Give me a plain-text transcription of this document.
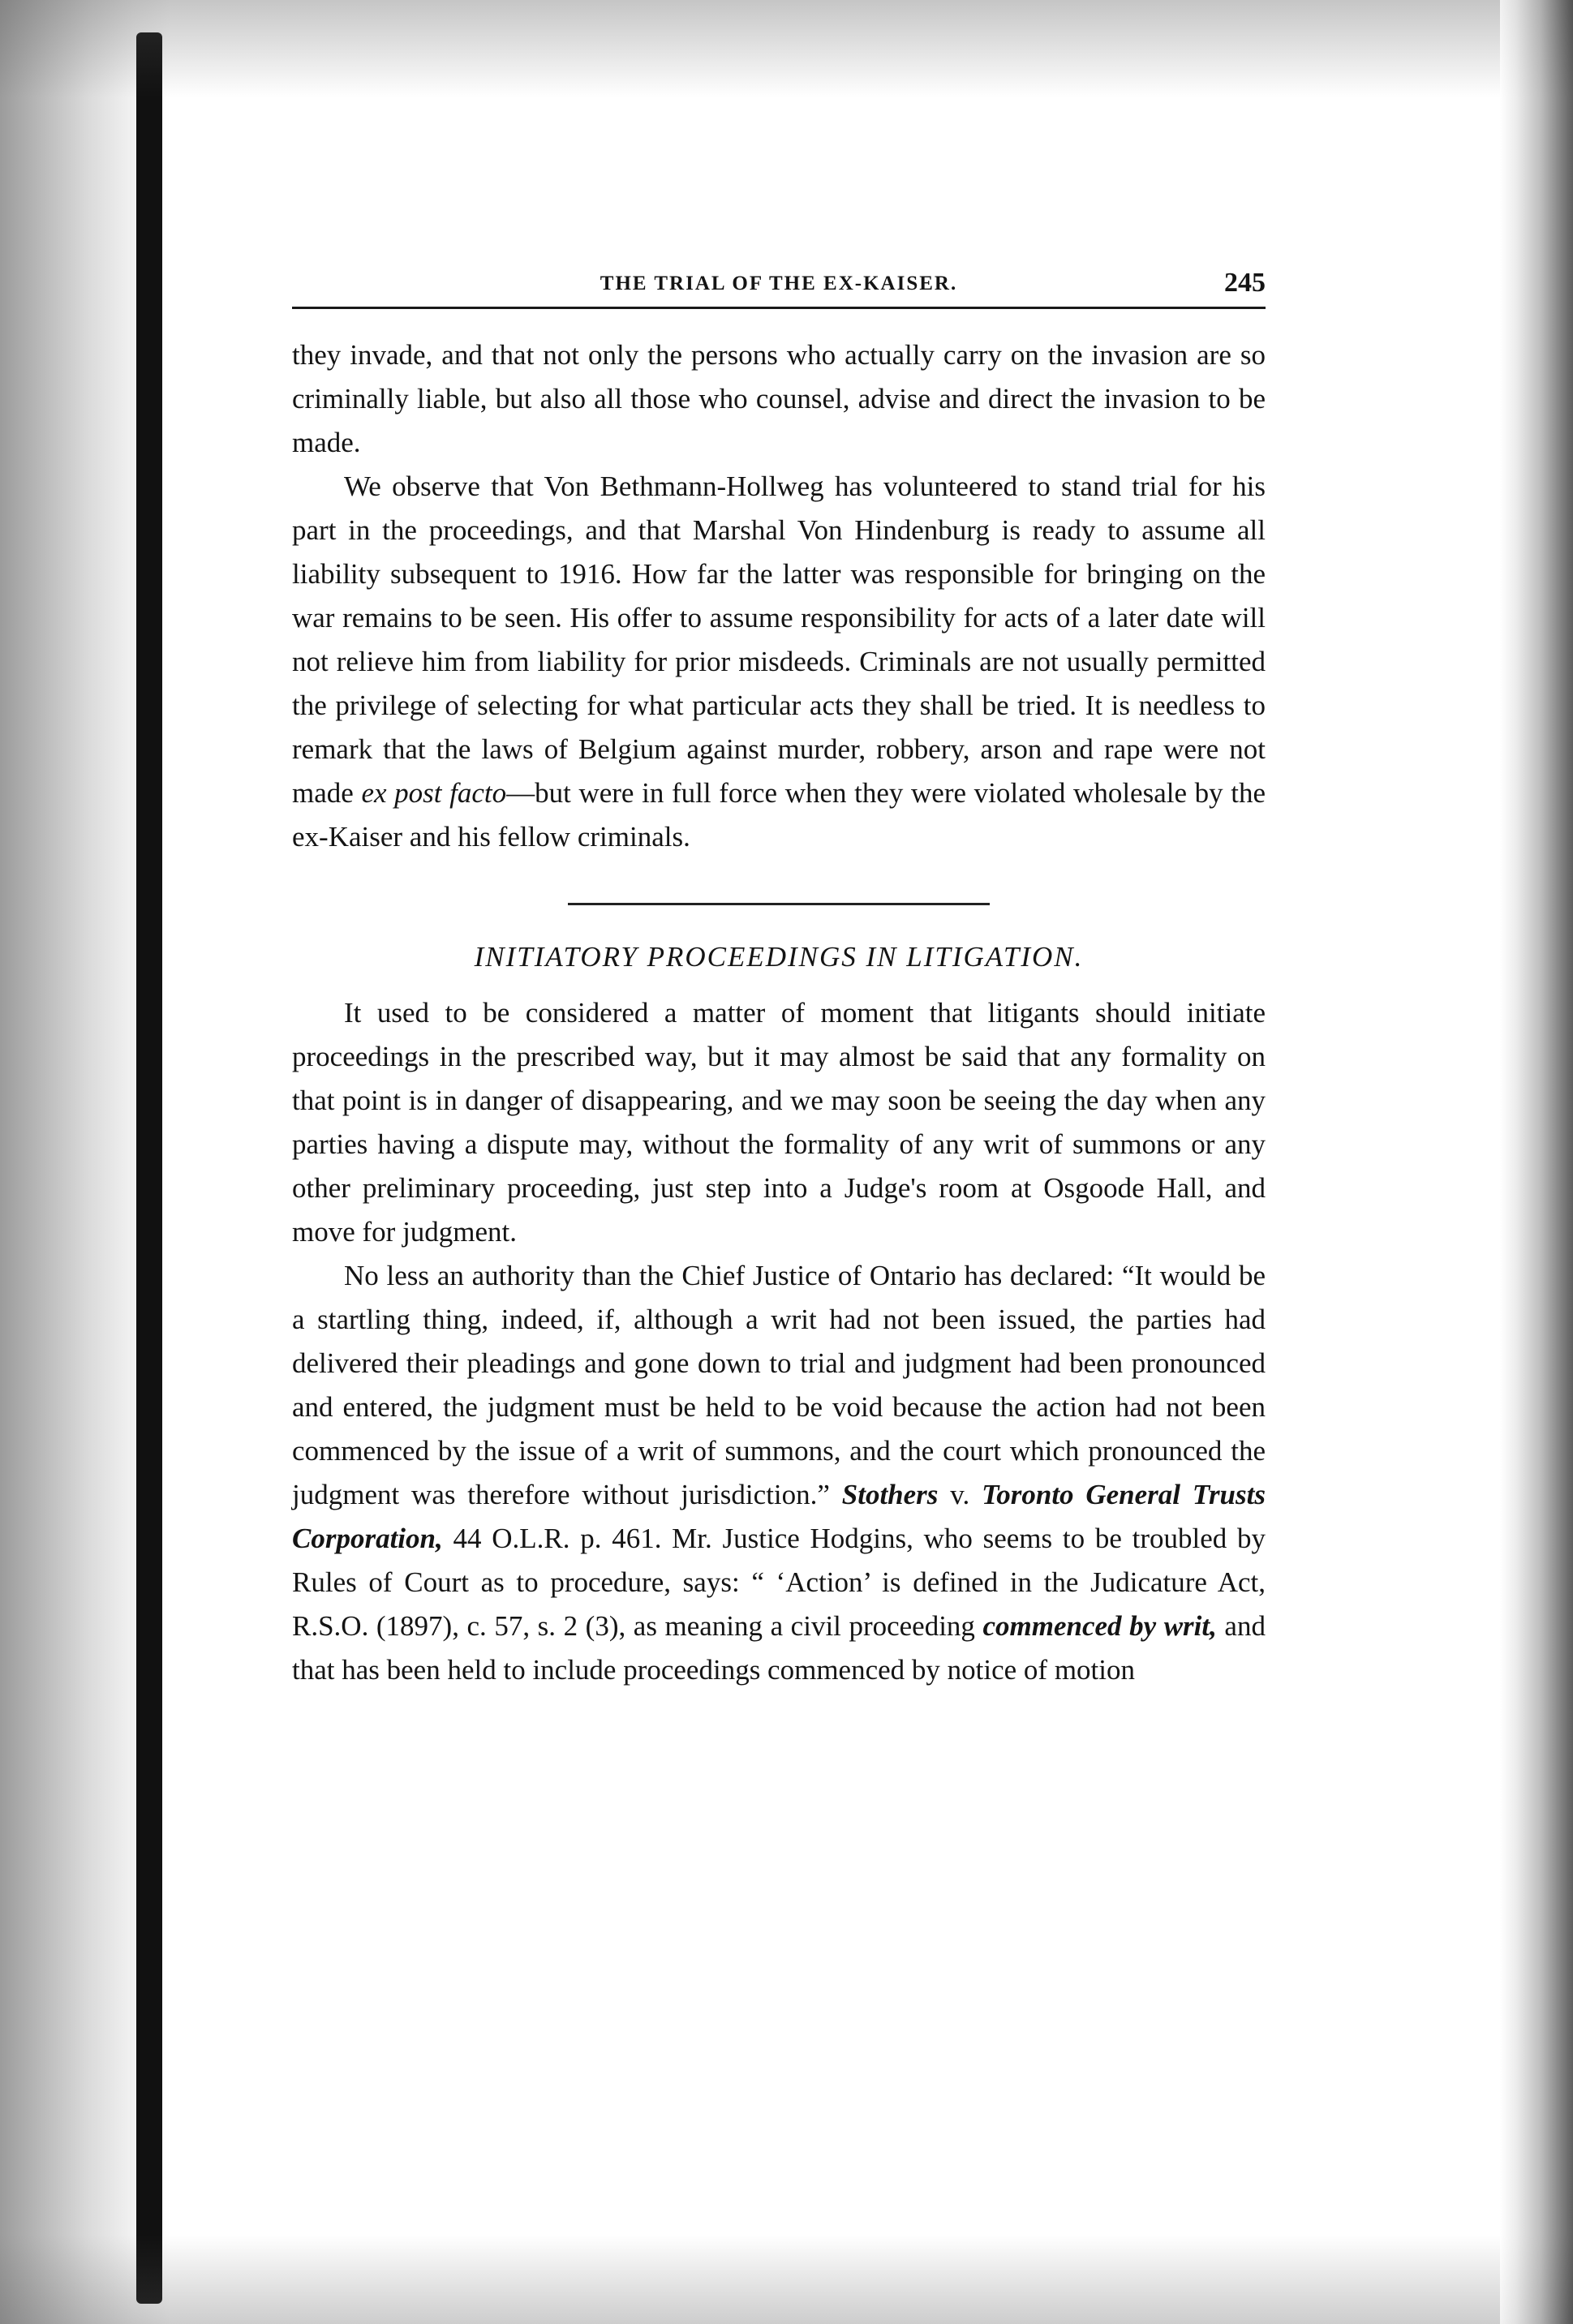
THE TRIAL OF THE EX-KAISER.	245

they invade, and that not only the persons who actually carry on the invasion are so criminally liable, but also all those who counsel, advise and direct the invasion to be made.

We observe that Von Bethmann-Hollweg has volunteered to stand trial for his part in the proceedings, and that Marshal Von Hindenburg is ready to assume all liability subsequent to 1916. How far the latter was responsible for bringing on the war remains to be seen. His offer to assume responsibility for acts of a later date will not relieve him from liability for prior misdeeds. Criminals are not usually permitted the privilege of selecting for what particular acts they shall be tried. It is needless to remark that the laws of Belgium against murder, robbery, arson and rape were not made ex post facto—but were in full force when they were violated wholesale by the ex-Kaiser and his fellow criminals.

INITIATORY PROCEEDINGS IN LITIGATION.

It used to be considered a matter of moment that litigants should initiate proceedings in the prescribed way, but it may almost be said that any formality on that point is in danger of disappearing, and we may soon be seeing the day when any parties having a dispute may, without the formality of any writ of summons or any other preliminary proceeding, just step into a Judge's room at Osgoode Hall, and move for judgment.

No less an authority than the Chief Justice of Ontario has declared: “It would be a startling thing, indeed, if, although a writ had not been issued, the parties had delivered their pleadings and gone down to trial and judgment had been pronounced and entered, the judgment must be held to be void because the action had not been commenced by the issue of a writ of summons, and the court which pronounced the judgment was therefore without jurisdiction.” Stothers v. Toronto General Trusts Corporation, 44 O.L.R. p. 461. Mr. Justice Hodgins, who seems to be troubled by Rules of Court as to procedure, says: “ ‘Action’ is defined in the Judicature Act, R.S.O. (1897), c. 57, s. 2 (3), as meaning a civil proceeding commenced by writ, and that has been held to include proceedings commenced by notice of motion
